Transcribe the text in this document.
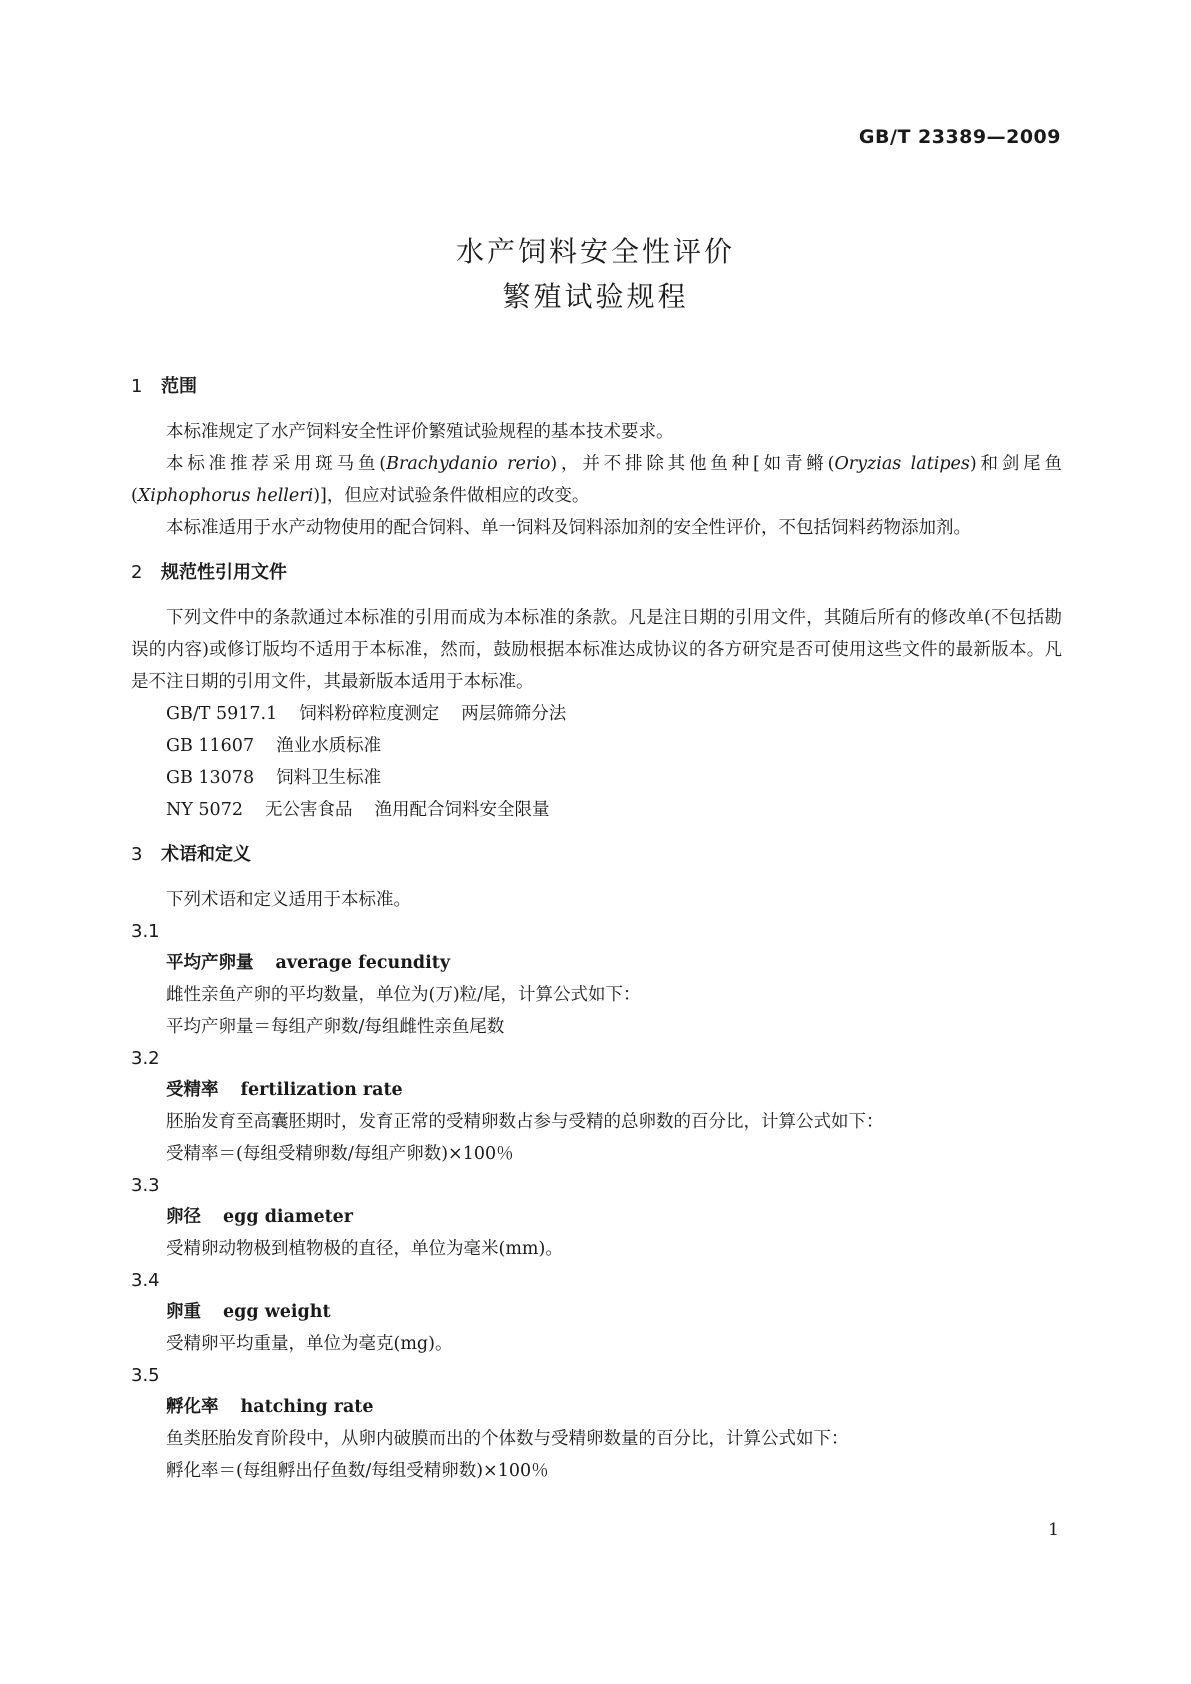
GB/T 23389—2009
水产饲料安全性评价
繁殖试验规程
1 范围

本标准规定了水产饲料安全性评价繁殖试验规程的基本技术要求。

本标准推荐采用斑马鱼(Brachydanio rerio)，并不排除其他鱼种[如青鳉(Oryzias latipes)和剑尾鱼(Xiphophorus helleri)]，但应对试验条件做相应的改变。

本标准适用于水产动物使用的配合饲料、单一饲料及饲料添加剂的安全性评价，不包括饲料药物添加剂。

2 规范性引用文件

下列文件中的条款通过本标准的引用而成为本标准的条款。凡是注日期的引用文件，其随后所有的修改单(不包括勘误的内容)或修订版均不适用于本标准，然而，鼓励根据本标准达成协议的各方研究是否可使用这些文件的最新版本。凡是不注日期的引用文件，其最新版本适用于本标准。

GB/T 5917.1 饲料粉碎粒度测定 两层筛筛分法
GB 11607 渔业水质标准
GB 13078 饲料卫生标准
NY 5072 无公害食品 渔用配合饲料安全限量
3 术语和定义

下列术语和定义适用于本标准。

3.1
平均产卵量 average fecundity
雌性亲鱼产卵的平均数量，单位为(万)粒/尾，计算公式如下：
平均产卵量＝每组产卵数/每组雌性亲鱼尾数
3.2
受精率 fertilization rate
胚胎发育至高囊胚期时，发育正常的受精卵数占参与受精的总卵数的百分比，计算公式如下：
受精率＝(每组受精卵数/每组产卵数)×100％
3.3
卵径 egg diameter
受精卵动物极到植物极的直径，单位为毫米(mm)。
3.4
卵重 egg weight
受精卵平均重量，单位为毫克(mg)。
3.5
孵化率 hatching rate
鱼类胚胎发育阶段中，从卵内破膜而出的个体数与受精卵数量的百分比，计算公式如下：
孵化率＝(每组孵出仔鱼数/每组受精卵数)×100％
1
